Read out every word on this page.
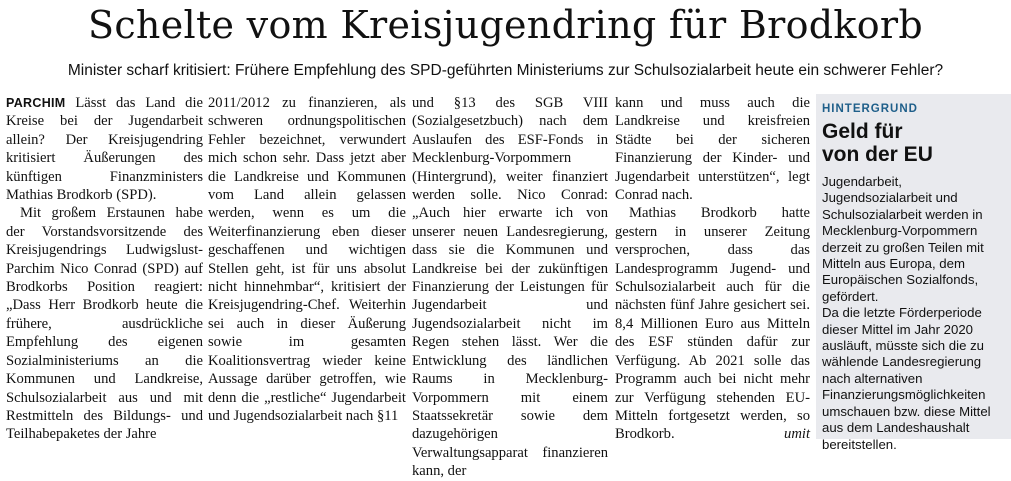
Schelte vom Kreisjugendring für Brodkorb
Minister scharf kritisiert: Frühere Empfehlung des SPD-geführten Ministeriums zur Schulsozialarbeit heute ein schwerer Fehler?

PARCHIM Lässt das Land die Kreise bei der Jugendarbeit allein? Der Kreisjugendring kritisiert Äußerungen des künftigen Finanzministers Mathias Brodkorb (SPD).

Mit großem Erstaunen habe der Vorstandsvorsitzende des Kreisjugendrings Ludwigslust-Parchim Nico Conrad (SPD) auf Brodkorbs Position reagiert: „Dass Herr Brodkorb heute die frühere, ausdrückliche Empfehlung des eigenen Sozialministeriums an die Kommunen und Landkreise, Schulsozialarbeit aus und mit Restmitteln des Bildungs- und Teilhabepaketes der Jahre

2011/2012 zu finanzieren, als schweren ordnungspolitischen Fehler bezeichnet, verwundert mich schon sehr. Dass jetzt aber die Landkreise und Kommunen vom Land allein gelassen werden, wenn es um die Weiterfinanzierung eben dieser geschaffenen und wichtigen Stellen geht, ist für uns absolut nicht hinnehmbar“, kritisiert der Kreisjugendring-Chef. Weiterhin sei auch in dieser Äußerung sowie im gesamten Koalitionsvertrag wieder keine Aussage darüber getroffen, wie denn die „restliche“ Jugendarbeit und Jugendsozialarbeit nach §11

und §13 des SGB VIII (Sozialgesetzbuch) nach dem Auslaufen des ESF-Fonds in Mecklenburg-Vorpommern (Hintergrund), weiter finanziert werden solle. Nico Conrad: „Auch hier erwarte ich von unserer neuen Landesregierung, dass sie die Kommunen und Landkreise bei der zukünftigen Finanzierung der Leistungen für Jugendarbeit und Jugendsozialarbeit nicht im Regen stehen lässt. Wer die Entwicklung des ländlichen Raums in Mecklenburg-Vorpommern mit einem Staatssekretär sowie dem dazugehörigen Verwaltungsapparat finanzieren kann, der

kann und muss auch die Landkreise und kreisfreien Städte bei der sicheren Finanzierung der Kinder- und Jugendarbeit unterstützen“, legt Conrad nach.

Mathias Brodkorb hatte gestern in unserer Zeitung versprochen, dass das Landesprogramm Jugend- und Schulsozialarbeit auch für die nächsten fünf Jahre gesichert sei. 8,4 Millionen Euro aus Mitteln des ESF stünden dafür zur Verfügung. Ab 2021 solle das Programm auch bei nicht mehr zur Verfügung stehenden EU-Mitteln fortgesetzt werden, so Brodkorb.	umit

HINTERGRUND
Geld für
von der EU

Jugendarbeit, Jugendsozialarbeit und Schulsozialarbeit werden in Mecklenburg-Vorpommern derzeit zu großen Teilen mit Mitteln aus Europa, dem Europäischen Sozialfonds, gefördert.

Da die letzte Förderperiode dieser Mittel im Jahr 2020 ausläuft, müsste sich die zu wählende Landesregierung nach alternativen Finanzierungsmöglichkeiten umschauen bzw. diese Mittel aus dem Landeshaushalt bereitstellen.
